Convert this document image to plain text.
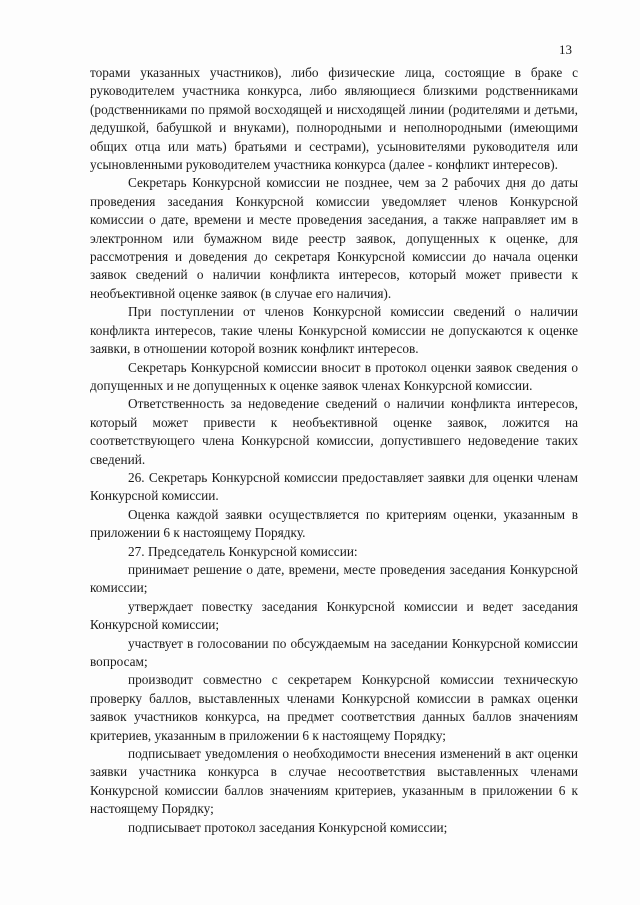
13

торами указанных участников), либо физические лица, состоящие в браке с руководителем участника конкурса, либо являющиеся близкими родственниками (родственниками по прямой восходящей и нисходящей линии (родителями и детьми, дедушкой, бабушкой и внуками), полнородными и неполнородными (имеющими общих отца или мать) братьями и сестрами), усыновителями руководителя или усыновленными руководителем участника конкурса (далее - конфликт интересов).

Секретарь Конкурсной комиссии не позднее, чем за 2 рабочих дня до даты проведения заседания Конкурсной комиссии уведомляет членов Конкурсной комиссии о дате, времени и месте проведения заседания, а также направляет им в электронном или бумажном виде реестр заявок, допущенных к оценке, для рассмотрения и доведения до секретаря Конкурсной комиссии до начала оценки заявок сведений о наличии конфликта интересов, который может привести к необъективной оценке заявок (в случае его наличия).

При поступлении от членов Конкурсной комиссии сведений о наличии конфликта интересов, такие члены Конкурсной комиссии не допускаются к оценке заявки, в отношении которой возник конфликт интересов.

Секретарь Конкурсной комиссии вносит в протокол оценки заявок сведения о допущенных и не допущенных к оценке заявок членах Конкурсной комиссии.

Ответственность за недоведение сведений о наличии конфликта интересов, который может привести к необъективной оценке заявок, ложится на соответствующего члена Конкурсной комиссии, допустившего недоведение таких сведений.

26. Секретарь Конкурсной комиссии предоставляет заявки для оценки членам Конкурсной комиссии.

Оценка каждой заявки осуществляется по критериям оценки, указанным в приложении 6 к настоящему Порядку.

27. Председатель Конкурсной комиссии:

принимает решение о дате, времени, месте проведения заседания Конкурсной комиссии;

утверждает повестку заседания Конкурсной комиссии и ведет заседания Конкурсной комиссии;

участвует в голосовании по обсуждаемым на заседании Конкурсной комиссии вопросам;

производит совместно с секретарем Конкурсной комиссии техническую проверку баллов, выставленных членами Конкурсной комиссии в рамках оценки заявок участников конкурса, на предмет соответствия данных баллов значениям критериев, указанным в приложении 6 к настоящему Порядку;

подписывает уведомления о необходимости внесения изменений в акт оценки заявки участника конкурса в случае несоответствия выставленных членами Конкурсной комиссии баллов значениям критериев, указанным в приложении 6 к настоящему Порядку;

подписывает протокол заседания Конкурсной комиссии;
